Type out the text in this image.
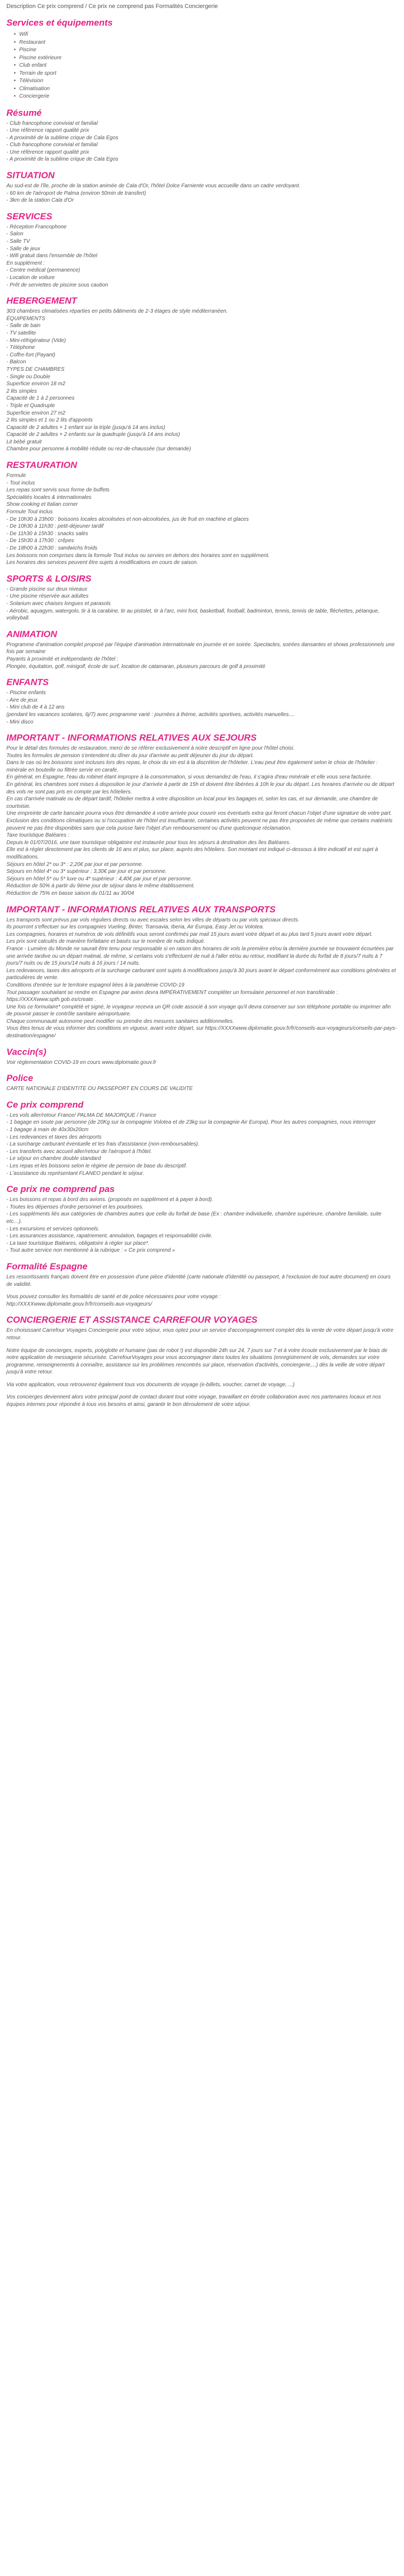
Description Ce prix comprend / Ce prix ne comprend pas Formalités Conciergerie
Services et équipements
• Wifi
• Restaurant
• Piscine
• Piscine extérieure
• Club enfant
• Terrain de sport
• Télévision
• Climatisation
• Conciergerie
Résumé

- Club francophone convivial et familial

- Une référence rapport qualité prix

- A proximité de la sublime crique de Cala Egos

- Club francophone convivial et familial

- Une référence rapport qualité prix

- A proximité de la sublime crique de Cala Egos

SITUATION

Au sud-est de l'île, proche de la station animée de Cala d'Or, l'hôtel Dolce Farniente vous accueille dans un cadre verdoyant.

- 60 km de l'aéroport de Palma (environ 50min de transfert)

- 3km de la station Cala d'Or

SERVICES

- Réception Francophone

- Salon

- Salle TV

- Salle de jeux

- Wifi gratuit dans l'ensemble de l'hôtel

En supplément :

- Centre médical (permanence)

- Location de voiture

- Prêt de serviettes de piscine sous caution

HEBERGEMENT

303 chambres climatisées réparties en petits bâtiments de 2-3 étages de style méditerranéen.

ÉQUIPEMENTS

- Salle de bain

- TV satellite

- Mini-réfrigérateur (Vide)

- Téléphone

- Coffre-fort (Payant)

- Balcon

TYPES DE CHAMBRES

- Single ou Double

Superficie environ 18 m2

2 lits simples

Capacité de 1 à 2 personnes

- Triple et Quadruple

Superficie environ 27 m2

2 lits simples et 1 ou 2 lits d'appoints

Capacité de 2 adultes + 1 enfant sur la triple (jusqu'à 14 ans inclus)

Capacité de 2 adultes + 2 enfants sur la quadruple (jusqu'à 14 ans inclus)

Lit bébé gratuit

Chambre pour personne à mobilité réduite ou rez-de-chaussée (sur demande)

RESTAURATION

Formule

- Tout inclus

Les repas sont servis sous forme de buffets

Spécialités locales & internationales

Show cooking et Italian corner

Formule Tout inclus

- De 10h30 à 23h00 : boissons locales alcoolisées et non-alcoolisées, jus de fruit en machine et glaces

- De 10h30 à 11h30 : petit-déjeuner tardif

- De 11h30 à 15h30 : snacks salés

- De 15h30 à 17h30 : crêpes

- De 18h00 à 22h30 : sandwichs froids

Les boissons non comprises dans la formule Tout inclus ou servies en dehors des horaires sont en supplément.

Les horaires des services peuvent être sujets à modifications en cours de saison.

SPORTS & LOISIRS

- Grande piscine sur deux niveaux

- Une piscine réservée aux adultes

- Solarium avec chaises longues et parasols

- Aérobic, aquagym, watergolo, tir à la carabine, tir au pistolet, tir à l'arc, mini foot, basketball, football, badminton, tennis, tennis de table, fléchettes, pétanque, volleyball.

ANIMATION

Programme d'animation complet proposé par l'équipe d'animation internationale en journée et en soirée. Spectacles, soirées dansantes et shows professionnels une fois par semaine

Payants à proximité et indépendants de l'hôtel :

Plongée, équitation, golf, minigolf, école de surf, location de catamaran, plusieurs parcours de golf à proximité

ENFANTS

- Piscine enfants

- Aire de jeux

- Mini club de 4 à 12 ans

(pendant les vacances scolaires, 6j/7) avec programme varié : journées à thème, activités sportives, activités manuelles....

- Mini disco

IMPORTANT - INFORMATIONS RELATIVES AUX SEJOURS

Pour le détail des formules de restauration, merci de se référer exclusivement à notre descriptif en ligne pour l'hôtel choisi.

Toutes les formules de pension s'entendent du dîner du jour d'arrivée au petit déjeuner du jour du départ.

Dans le cas où les boissons sont incluses lors des repas, le choix du vin est à la discrétion de l'hôtelier. L'eau peut être également selon le choix de l'hôtelier : minérale en bouteille ou filtrée servie en carafe.

En général, en Espagne, l'eau du robinet étant impropre à la consommation, si vous demandez de l'eau, il s'agira d'eau minérale et elle vous sera facturée.

En général, les chambres sont mises à disposition le jour d'arrivée à partir de 15h et doivent être libérées à 10h le jour du départ. Les horaires d'arrivée ou de départ des vols ne sont pas pris en compte par les hôteliers.

En cas d'arrivée matinale ou de départ tardif, l'hôtelier mettra à votre disposition un local pour les bagages et, selon les cas, et sur demande, une chambre de courtoisie.

Une empreinte de carte bancaire pourra vous être demandée à votre arrivée pour couvrir vos éventuels extra qui feront chacun l'objet d'une signature de votre part.

Exclusion des conditions climatiques ou si l'occupation de l'hôtel est insuffisante, certaines activités peuvent ne pas être proposées de même que certains matériels peuvent ne pas être disponibles sans que cela puisse faire l'objet d'un remboursement ou d'une quelconque réclamation.

Taxe touristique Baléares :

Depuis le 01/07/2016, une taxe touristique obligatoire est instaurée pour tous les séjours à destination des îles Baléares.

Elle est à régler directement par les clients de 16 ans et plus, sur place, auprès des hôteliers. Son montant est indiqué ci-dessous à titre indicatif et est sujet à modifications.

Séjours en hôtel 2* ou 3* : 2,20€ par jour et par personne.

Séjours en hôtel 4* ou 3* supérieur : 3,30€ par jour et par personne.

Séjours en hôtel 5* ou 5* luxe ou 4* supérieur : 4,40€ par jour et par personne.

Réduction de 50% à partir du 9ème jour de séjour dans le même établissement.

Réduction de 75% en basse saison du 01/11 au 30/04

IMPORTANT - INFORMATIONS RELATIVES AUX TRANSPORTS

Les transports sont prévus par vols réguliers directs ou avec escales selon les villes de départs ou par vols spéciaux directs.

Ils pourront s'effectuer sur les compagnies Vueling, Binter, Transavia, Iberia, Air Europa, Easy Jet ou Volotea.

Les compagnies, horaires et numéros de vols définitifs vous seront confirmés par mail 15 jours avant votre départ et au plus tard 5 jours avant votre départ.

Les prix sont calculés de manière forfaitaire et basés sur le nombre de nuits indiqué.

France - Lumière du Monde ne saurait être tenu pour responsable si en raison des horaires de vols la première et/ou la dernière journée se trouvaient écourtées par une arrivée tardive ou un départ matinal, de même, si certains vols s'effectuent de nuit à l'aller et/ou au retour, modifiant la durée du forfait de 8 jours/7 nuits à 7 jours/7 nuits ou de 15 jours/14 nuits à 16 jours / 14 nuits.

Les redevances, taxes des aéroports et la surcharge carburant sont sujets à modifications jusqu'à 30 jours avant le départ conformément aux conditions générales et particulières de vente.

Conditions d'entrée sur le territoire espagnol liées à la pandémie COVID-19

Tout passager souhaitant se rendre en Espagne par avion devra IMPÉRATIVEMENT compléter un formulaire personnel et non transférable : https://XXXXwww.spth.gob.es/create .

Une fois ce formulaire* complété et signé, le voyageur recevra un QR code associé à son voyage qu'il devra conserver sur son téléphone portable ou imprimer afin de pouvoir passer le contrôle sanitaire aéroportuaire.

Chaque communauté autonome peut modifier ou prendre des mesures sanitaires additionnelles.

Vous êtes tenus de vous informer des conditions en vigueur, avant votre départ, sur https://XXXXwww.diplomatie.gouv.fr/fr/conseils-aux-voyageurs/conseils-par-pays-destination/espagne/

Vaccin(s)

Voir réglementation COVID-19 en cours www.diplomatie.gouv.fr

Police

CARTE NATIONALE D'IDENTITE OU PASSEPORT EN COURS DE VALIDITE

Ce prix comprend

- Les vols aller/retour France/ PALMA DE MAJORQUE / France

- 1 bagage en soute par personne (de 20Kg sur la compagnie Volotea et de 23kg sur la compagnie Air Europa). Pour les autres compagnies, nous interroger

- 1 bagage à main de 40x30x20cm

- Les redevances et taxes des aéroports

- La surcharge carburant éventuelle et les frais d'assistance (non-remboursables).

- Les transferts avec accueil aller/retour de l'aéroport à l'hôtel.

- Le séjour en chambre double standard

- Les repas et les boissons selon le régime de pension de base du descriptif.

- L'assistance du représentant FLANEO pendant le séjour.

Ce prix ne comprend pas

- Les boissons et repas à bord des avions. (proposés en supplément et à payer à bord).

- Toutes les dépenses d'ordre personnel et les pourboires.

- Les suppléments liés aux catégories de chambres autres que celle du forfait de base (Ex : chambre individuelle, chambre supérieure, chambre familiale, suite etc…).

- Les excursions et services optionnels.

- Les assurances assistance, rapatriement, annulation, bagages et responsabilité civile.

- La taxe touristique Baléares, obligatoire à régler sur place*.

- Tout autre service non mentionné à la rubrique : « Ce prix comprend »

Formalité Espagne

Les ressortissants français doivent être en possession d'une pièce d'identité (carte nationale d'identité ou passeport, à l'exclusion de tout autre document) en cours de validité.

Vous pouvez consulter les formalités de santé et de police nécessaires pour votre voyage :

http://XXXXwww.diplomatie.gouv.fr/fr/conseils-aux-voyageurs/

CONCIERGERIE ET ASSISTANCE CARREFOUR VOYAGES

En choisissant Carrefour Voyages Conciergerie pour votre séjour, vous optez pour un service d'accompagnement complet dès la vente de votre départ jusqu'à votre retour.

Notre équipe de concierges, experts, polyglotte et humaine (pas de robot !) est disponible 24h sur 24, 7 jours sur 7 et à votre écoute exclusivement par le biais de notre application de messagerie sécurisée. CarrefourVoyages pour vous accompagner dans toutes les situations (enregistrement de vols, demandes sur votre programme, renseignements à connaître, assistance sur les problèmes rencontrés sur place, réservation d'activités, conciergerie,...) dès la veille de votre départ jusqu'à votre retour.

Via votre application, vous retrouverez également tous vos documents de voyage (e-billets, voucher, carnet de voyage, ...)

Vos concierges deviennent alors votre principal point de contact durant tout votre voyage, travaillant en étroite collaboration avec nos partenaires locaux et nos équipes internes pour répondre à tous vos besoins et ainsi, garantir le bon déroulement de votre séjour.
